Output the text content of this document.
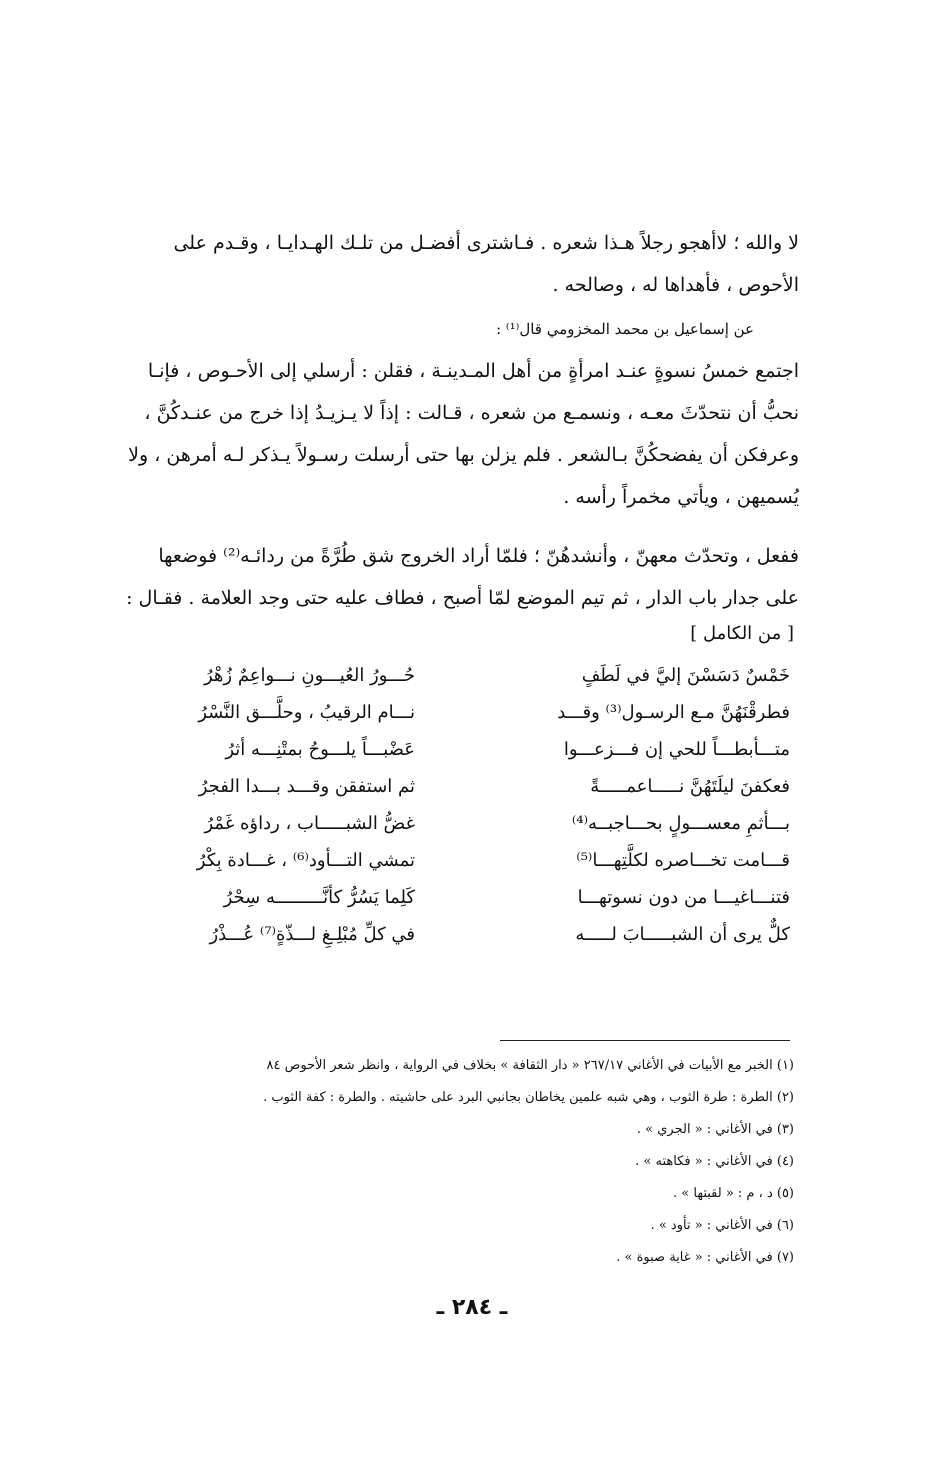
لا والله ؛ لاأهجو رجلاً هـذا شعره . فـاشترى أفضـل من تلـك الهـدايـا ، وقـدم على
الأحوص ، فأهداها له ، وصالحه .

عن إسماعيل بن محمد المخزومي قال⁽¹⁾ :

اجتمع خمسُ نسوةٍ عنـد امرأةٍ من أهل المـدينـة ، فقلن : أرسلي إلى الأحـوص ، فإنـا
نحبُّ أن نتحدّثَ معـه ، ونسمـع من شعره ، قـالت : إذاً لا يـزيـدُ إذا خرج من عنـدكُنَّ ،
وعرفكن أن يفضحكُنَّ بـالشعر . فلم يزلن بها حتى أرسلت رسـولاً يـذكر لـه أمرهن ، ولا
يُسميهن ، ويأتي مخمراً رأسه .

ففعل ، وتحدّث معهنّ ، وأنشدهُنّ ؛ فلمّا أراد الخروج شق طُرَّةً من ردائـه⁽²⁾ فوضعها
على جدار باب الدار ، ثم تيم الموضع لمّا أصبح ، فطاف عليه حتى وجد العلامة . فقـال :

[ من الكامل ]
خَمْسٌ دَسَسْنَ إليَّ في لَطَفٍ
حُـــورُ العُيـــونِ نـــواعِمٌ زُهْرُ
فطرقْنَهُنَّ مـع الرسـول⁽³⁾ وقـــد
نـــام الرقيبُ ، وحلَّـــق النَّسْرُ
متـــأبطـــاً للحي إن فـــزعـــوا
عَضْبـــاً يلـــوحُ بمتْنِـــه أثرُ
فعكفنَ ليلَتَهُنَّ نـــــاعمـــــةً
ثم استفقن وقـــد بـــدا الفجرُ
بـــأثمِ معســـولٍ بحـــاجبــه⁽⁴⁾
غضُّ الشبـــــاب ، رداؤه غَمْرُ
قـــامت تخـــاصره لكلَّتِهـــا⁽⁵⁾
تمشي التـــأود⁽⁶⁾ ، غـــادة بِكْرُ
فتنـــاغيـــا من دون نسوتهـــا
كَلِما يَسُرُّ كأنَّـــــــــه سِحْرُ
كلٌّ يرى أن الشبـــــابَ لـــــه
في كلِّ مُبْلِـغِ لـــذّةٍ⁽⁷⁾ عُـــذْرُ
(١) الخبر مع الأبيات في الأغاني ٢٦٧/١٧ « دار الثقافة » بخلاف في الرواية ، وانظر شعر الأحوص ٨٤
(٢) الطرة : طرة الثوب ، وهي شبه علمين يخاطان بجانبي البرد على حاشيته . والطرة : كفة الثوب .
(٣) في الأغاني : « الجري » .
(٤) في الأغاني : « فكاهته » .
(٥) د ، م : « لقبتها » .
(٦) في الأغاني : « تأود » .
(٧) في الأغاني : « غاية صبوة » .
ـ ٢٨٤ ـ
